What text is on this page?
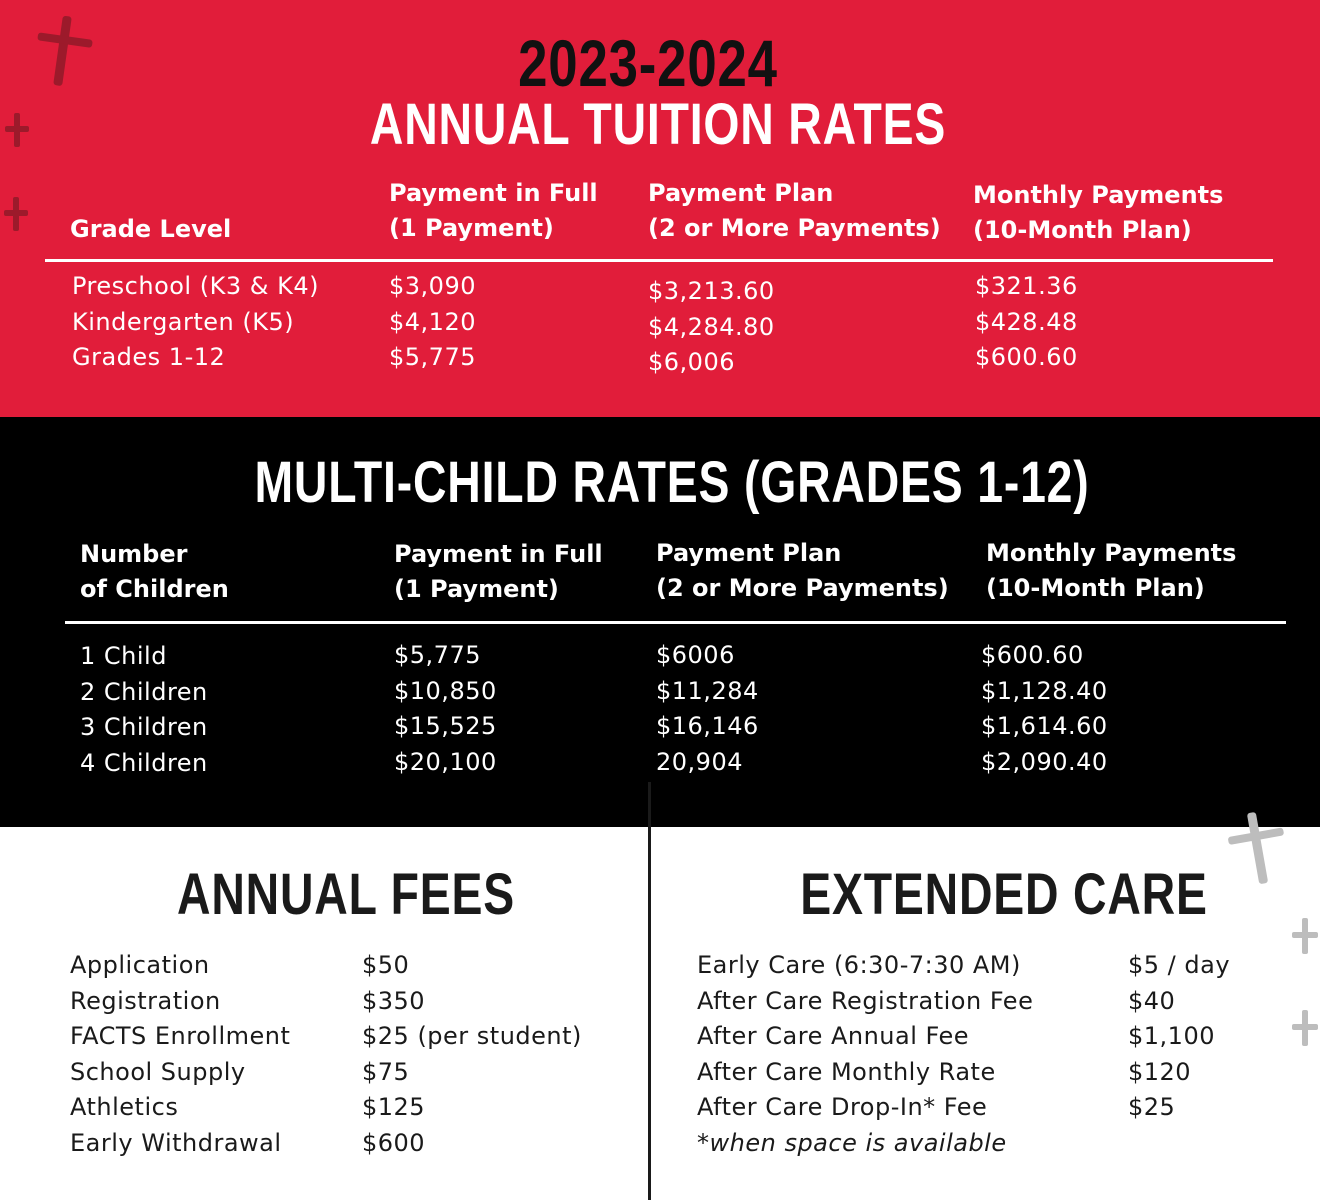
2023-2024
ANNUAL TUITION RATES
Grade Level
Payment in Full
(1 Payment)
Payment Plan
(2 or More Payments)
Monthly Payments
(10-Month Plan)
Preschool (K3 & K4)
Kindergarten (K5)
Grades 1-12
$3,090
$4,120
$5,775
$3,213.60
$4,284.80
$6,006
$321.36
$428.48
$600.60
MULTI-CHILD RATES (GRADES 1-12)
Number
of Children
Payment in Full
(1 Payment)
Payment Plan
(2 or More Payments)
Monthly Payments
(10-Month Plan)
1 Child
2 Children
3 Children
4 Children
$5,775
$10,850
$15,525
$20,100
$6006
$11,284
$16,146
20,904
$600.60
$1,128.40
$1,614.60
$2,090.40
ANNUAL FEES
Application
Registration
FACTS Enrollment
School Supply
Athletics
Early Withdrawal
$50
$350
$25 (per student)
$75
$125
$600
EXTENDED CARE
Early Care (6:30-7:30 AM)
After Care Registration Fee
After Care Annual Fee
After Care Monthly Rate
After Care Drop-In* Fee
*when space is available
$5 / day
$40
$1,100
$120
$25
